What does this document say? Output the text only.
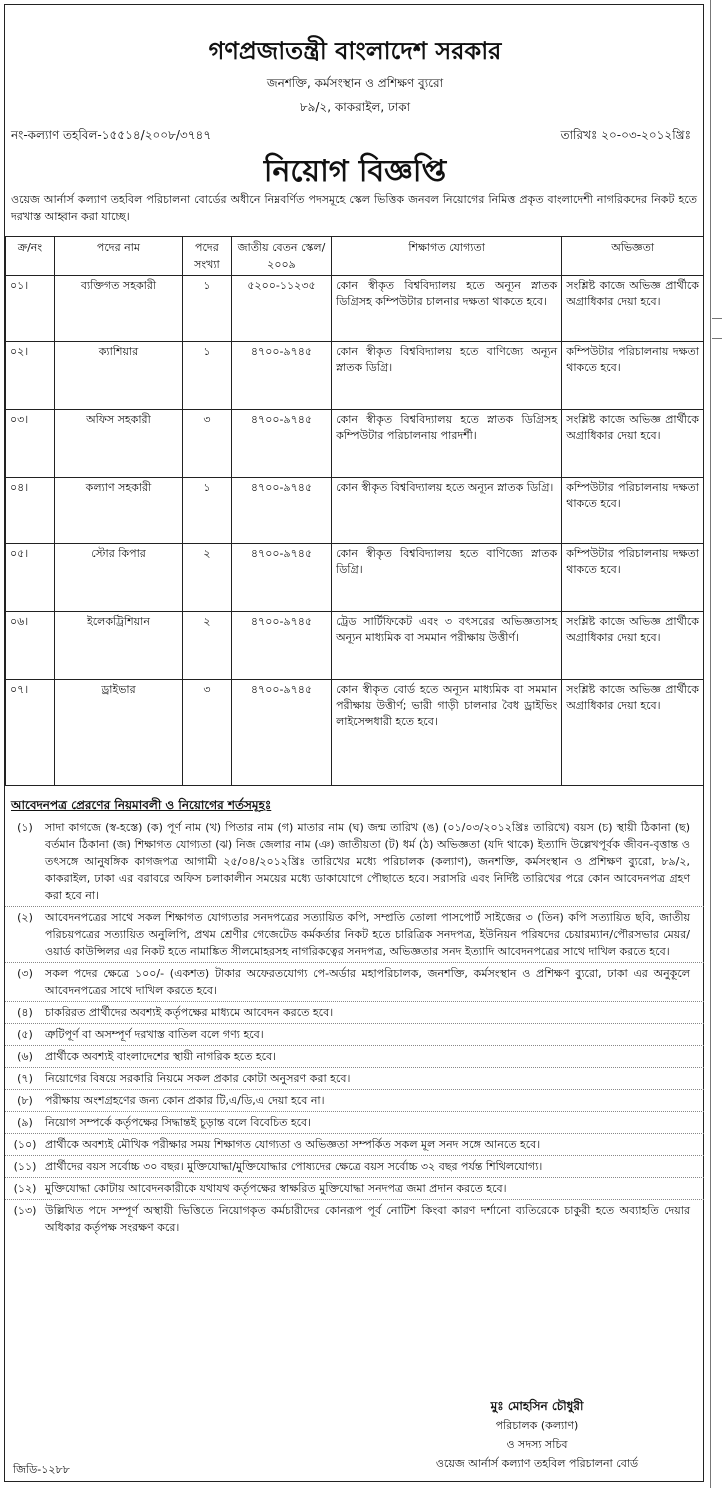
গণপ্রজাতন্ত্রী বাংলাদেশ সরকার
জনশক্তি, কর্মসংস্থান ও প্রশিক্ষণ ব্যুরো
৮৯/২, কাকরাইল, ঢাকা
নং-কল্যাণ তহবিল-১৫৫১৪/২০০৮/৩৭৪৭	তারিখঃ ২০-০৩-২০১২খ্রিঃ
নিয়োগ বিজ্ঞপ্তি
ওয়েজ আর্নার্স কল্যাণ তহবিল পরিচালনা বোর্ডের অধীনে নিম্নবর্ণিত পদসমূহে স্কেল ভিত্তিক জনবল নিয়োগের নিমিত্ত প্রকৃত বাংলাদেশী নাগরিকদের নিকট হতে দরখাস্ত আহ্বান করা যাচ্ছে।
ক্র/নং	পদের নাম	পদের সংখ্যা	জাতীয় বেতন স্কেল/২০০৯	শিক্ষাগত যোগ্যতা	অভিজ্ঞতা
০১।	ব্যক্তিগত সহকারী	১	৫২০০-১১২৩৫	কোন স্বীকৃত বিশ্ববিদ্যালয় হতে অন্যূন স্নাতক ডিগ্রিসহ কম্পিউটার চালনার দক্ষতা থাকতে হবে।	সংশ্লিষ্ট কাজে অভিজ্ঞ প্রার্থীকে অগ্রাধিকার দেয়া হবে।
০২।	ক্যাশিয়ার	১	৪৭০০-৯৭৪৫	কোন স্বীকৃত বিশ্ববিদ্যালয় হতে বাণিজ্যে অন্যূন স্নাতক ডিগ্রি।	কম্পিউটার পরিচালনায় দক্ষতা থাকতে হবে।
০৩।	অফিস সহকারী	৩	৪৭০০-৯৭৪৫	কোন স্বীকৃত বিশ্ববিদ্যালয় হতে স্নাতক ডিগ্রিসহ কম্পিউটার পরিচালনায় পারদর্শী।	সংশ্লিষ্ট কাজে অভিজ্ঞ প্রার্থীকে অগ্রাধিকার দেয়া হবে।
০৪।	কল্যাণ সহকারী	১	৪৭০০-৯৭৪৫	কোন স্বীকৃত বিশ্ববিদ্যালয় হতে অন্যূন স্নাতক ডিগ্রি।	কম্পিউটার পরিচালনায় দক্ষতা থাকতে হবে।
০৫।	স্টোর কিপার	২	৪৭০০-৯৭৪৫	কোন স্বীকৃত বিশ্ববিদ্যালয় হতে বাণিজ্যে স্নাতক ডিগ্রি।	কম্পিউটার পরিচালনায় দক্ষতা থাকতে হবে।
০৬।	ইলেকট্রিশিয়ান	২	৪৭০০-৯৭৪৫	ট্রেড সার্টিফিকেট এবং ৩ বৎসরের অভিজ্ঞতাসহ অন্যূন মাধ্যমিক বা সমমান পরীক্ষায় উত্তীর্ণ।	সংশ্লিষ্ট কাজে অভিজ্ঞ প্রার্থীকে অগ্রাধিকার দেয়া হবে।
০৭।	ড্রাইভার	৩	৪৭০০-৯৭৪৫	কোন স্বীকৃত বোর্ড হতে অন্যূন মাধ্যমিক বা সমমান পরীক্ষায় উত্তীর্ণ; ভারী গাড়ী চালনার বৈধ ড্রাইভিং লাইসেন্সধারী হতে হবে।	সংশ্লিষ্ট কাজে অভিজ্ঞ প্রার্থীকে অগ্রাধিকার দেয়া হবে।
আবেদনপত্র প্রেরণের নিয়মাবলী ও নিয়োগের শর্তসমূহঃ
(১)	সাদা কাগজে (স্ব-হস্তে) (ক) পূর্ণ নাম (খ) পিতার নাম (গ) মাতার নাম (ঘ) জন্ম তারিখ (ঙ) (০১/০৩/২০১২খ্রিঃ তারিখে) বয়স (চ) স্থায়ী ঠিকানা (ছ) বর্তমান ঠিকানা (জ) শিক্ষাগত যোগ্যতা (ঝ) নিজ জেলার নাম (ঞ) জাতীয়তা (ট) ধর্ম (ঠ) অভিজ্ঞতা (যদি থাকে) ইত্যাদি উল্লেখপূর্বক জীবন-বৃত্তান্ত ও তৎসঙ্গে আনুষঙ্গিক কাগজপত্র আগামী ২৫/০৪/২০১২খ্রিঃ তারিখের মধ্যে পরিচালক (কল্যাণ), জনশক্তি, কর্মসংস্থান ও প্রশিক্ষণ ব্যুরো, ৮৯/২, কাকরাইল, ঢাকা এর বরাবরে অফিস চলাকালীন সময়ের মধ্যে ডাকাযোগে পৌছাতে হবে। সরাসরি এবং নির্দিষ্ট তারিখের পরে কোন আবেদনপত্র গ্রহণ করা হবে না।
(২)	আবেদনপত্রের সাথে সকল শিক্ষাগত যোগ্যতার সনদপত্রের সত্যায়িত কপি, সম্প্রতি তোলা পাসপোর্ট সাইজের ৩ (তিন) কপি সত্যায়িত ছবি, জাতীয় পরিচয়পত্রের সত্যায়িত অনুলিপি, প্রথম শ্রেণীর গেজেটেড কর্মকর্তার নিকট হতে চারিত্রিক সনদপত্র, ইউনিয়ন পরিষদের চেয়ারম্যান/পৌরসভার মেয়র/ওয়ার্ড কাউন্সিলর এর নিকট হতে নামাঙ্কিত সীলমোহরসহ নাগরিকত্বের সনদপত্র, অভিজ্ঞতার সনদ ইত্যাদি আবেদনপত্রের সাথে দাখিল করতে হবে।
(৩)	সকল পদের ক্ষেত্রে ১০০/- (একশত) টাকার অফেরতযোগ্য পে-অর্ডার মহাপরিচালক, জনশক্তি, কর্মসংস্থান ও প্রশিক্ষণ ব্যুরো, ঢাকা এর অনুকূলে আবেদনপত্রের সাথে দাখিল করতে হবে।
(৪)	চাকরিরত প্রার্থীদের অবশ্যই কর্তৃপক্ষের মাধ্যমে আবেদন করতে হবে।
(৫)	ত্রুটিপূর্ণ বা অসম্পূর্ণ দরখাস্ত বাতিল বলে গণ্য হবে।
(৬)	প্রার্থীকে অবশ্যই বাংলাদেশের স্থায়ী নাগরিক হতে হবে।
(৭)	নিয়োগের বিষয়ে সরকারি নিয়মে সকল প্রকার কোটা অনুসরণ করা হবে।
(৮)	পরীক্ষায় অংশগ্রহণের জন্য কোন প্রকার টি,এ/ডি,এ দেয়া হবে না।
(৯)	নিয়োগ সম্পর্কে কর্তৃপক্ষের সিদ্ধান্তই চূড়ান্ত বলে বিবেচিত হবে।
(১০) প্রার্থীকে অবশ্যই মৌখিক পরীক্ষার সময় শিক্ষাগত যোগ্যতা ও অভিজ্ঞতা সম্পর্কিত সকল মূল সনদ সঙ্গে আনতে হবে।
(১১) প্রার্থীদের বয়স সর্বোচ্চ ৩০ বছর। মুক্তিযোদ্ধা/মুক্তিযোদ্ধার পোষ্যদের ক্ষেত্রে বয়স সর্বোচ্চ ৩২ বছর পর্যন্ত শিথিলযোগ্য।
(১২) মুক্তিযোদ্ধা কোটায় আবেদনকারীকে যথাযথ কর্তৃপক্ষের স্বাক্ষরিত মুক্তিযোদ্ধা সনদপত্র জমা প্রদান করতে হবে।
(১৩) উল্লিখিত পদে সম্পূর্ণ অস্থায়ী ভিত্তিতে নিয়োগকৃত কর্মচারীদের কোনরূপ পূর্ব নোটিশ কিংবা কারণ দর্শানো ব্যতিরেকে চাকুরী হতে অব্যাহতি দেয়ার অধিকার কর্তৃপক্ষ সংরক্ষণ করে।
মুঃ মোহসিন চৌধুরী
পরিচালক (কল্যাণ)
ও সদস্য সচিব
ওয়েজ আর্নার্স কল্যাণ তহবিল পরিচালনা বোর্ড
জিডি-১২৮৮
